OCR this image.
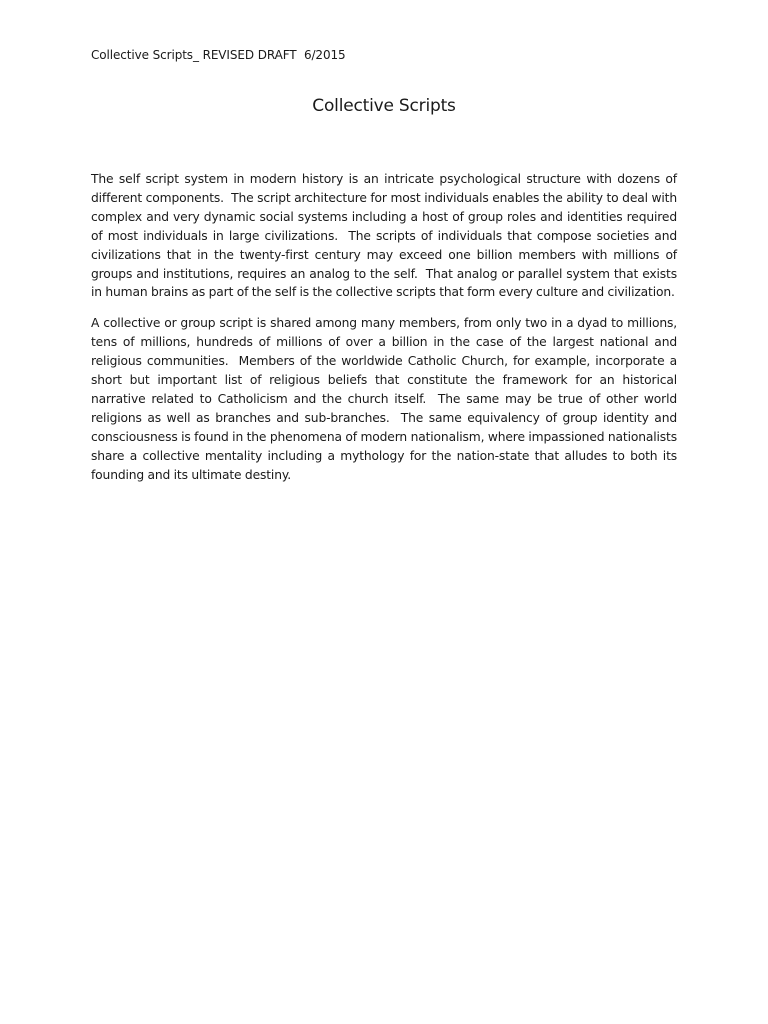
Collective Scripts_ REVISED DRAFT  6/2015
Collective Scripts

The self script system in modern history is an intricate psychological structure with dozens of different components.  The script architecture for most individuals enables the ability to deal with complex and very dynamic social systems including a host of group roles and identities required of most individuals in large civilizations.  The scripts of individuals that compose societies and civilizations that in the twenty-first century may exceed one billion members with millions of groups and institutions, requires an analog to the self.  That analog or parallel system that exists in human brains as part of the self is the collective scripts that form every culture and civilization.

A collective or group script is shared among many members, from only two in a dyad to millions, tens of millions, hundreds of millions of over a billion in the case of the largest national and religious communities.  Members of the worldwide Catholic Church, for example, incorporate a short but important list of religious beliefs that constitute the framework for an historical narrative related to Catholicism and the church itself.  The same may be true of other world religions as well as branches and sub-branches.  The same equivalency of group identity and consciousness is found in the phenomena of modern nationalism, where impassioned nationalists share a collective mentality including a mythology for the nation-state that alludes to both its founding and its ultimate destiny.
